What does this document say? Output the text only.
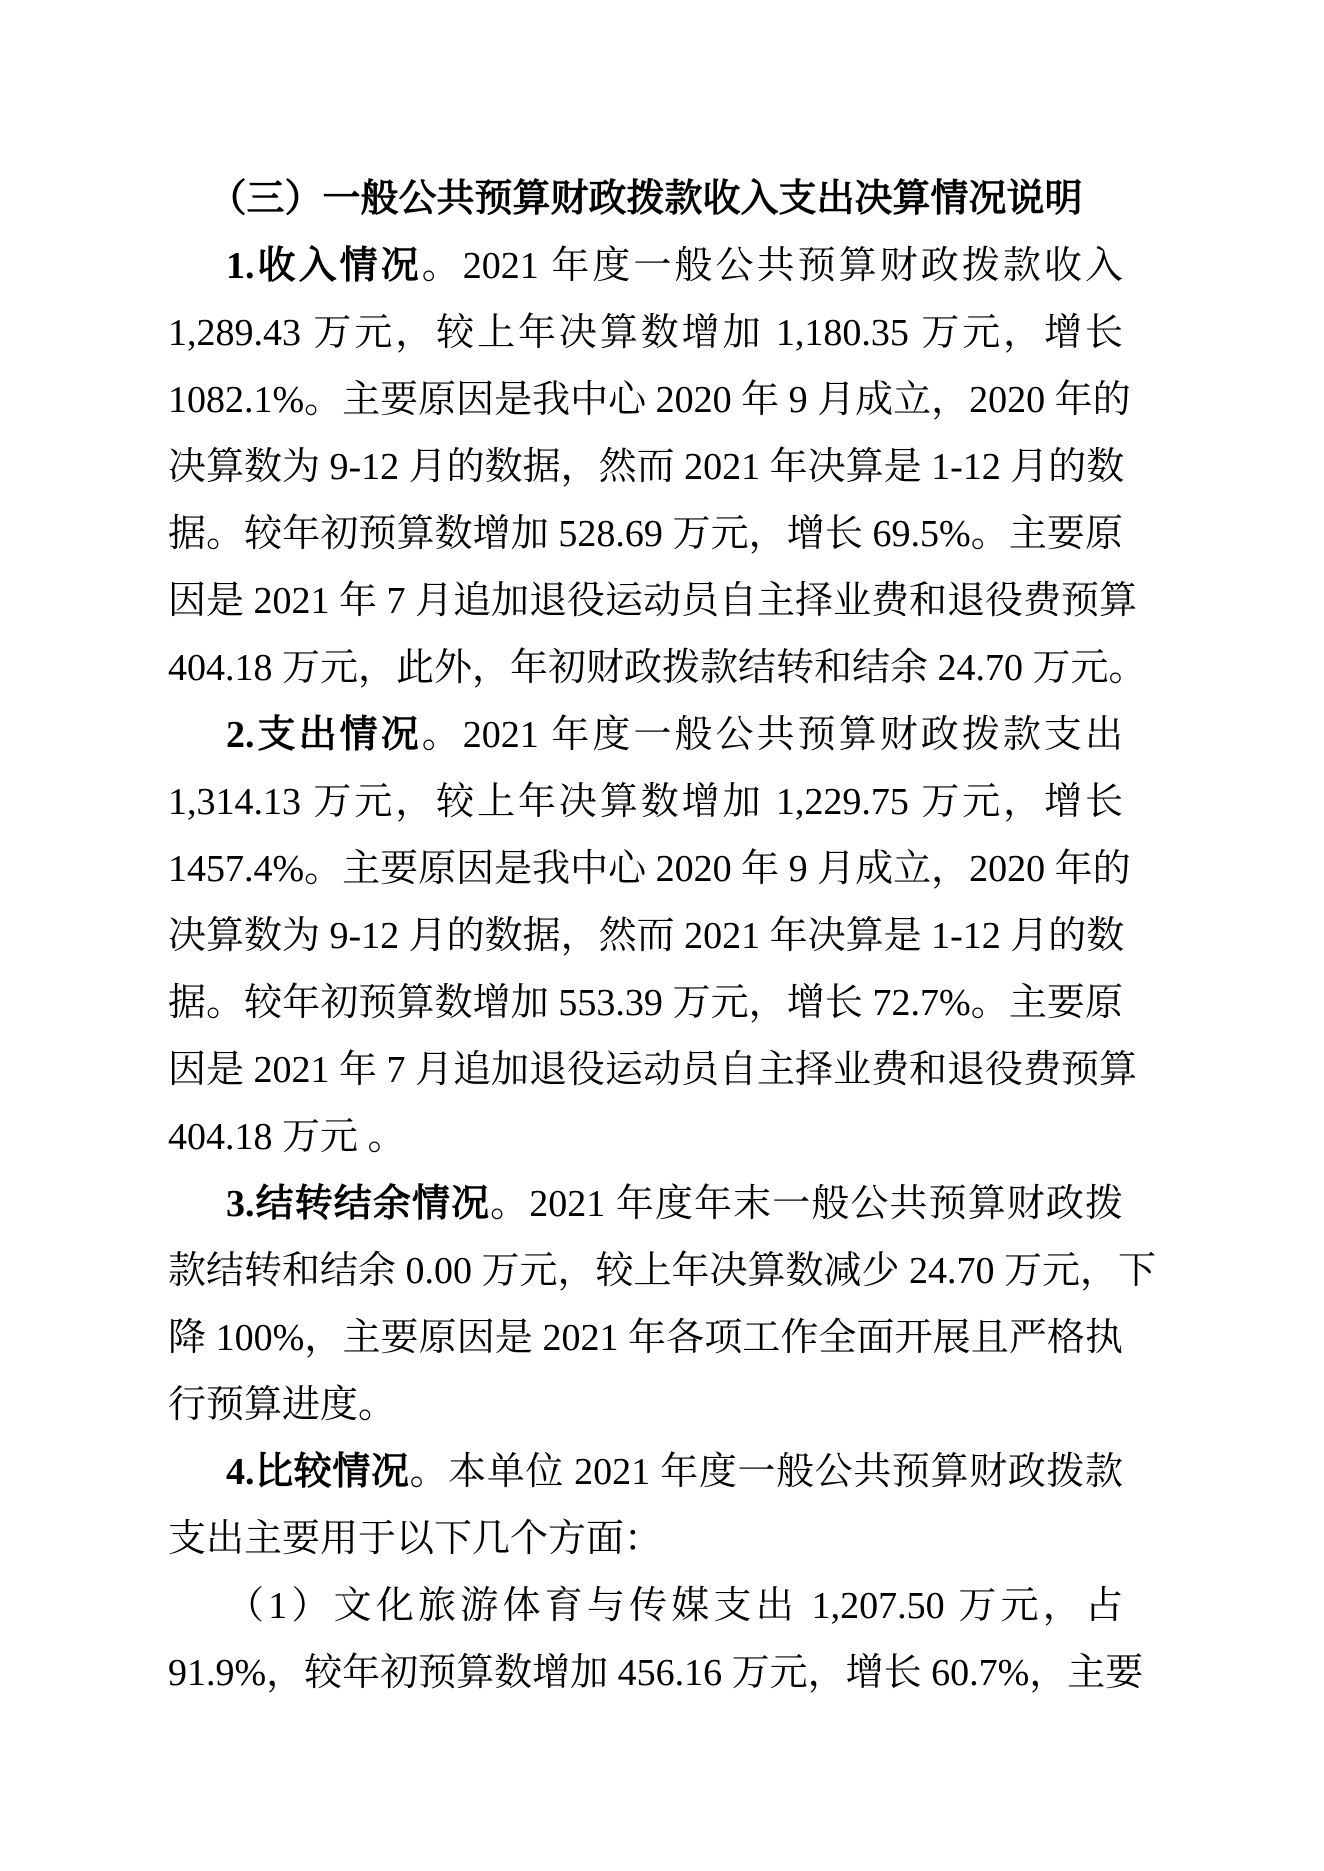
（三）一般公共预算财政拨款收入支出决算情况说明
1.收入情况。2021 年度一般公共预算财政拨款收入
1,289.43 万元，较上年决算数增加 1,180.35 万元，增长
1082.1%。主要原因是我中心 2020 年 9 月成立，2020 年的
决算数为 9-12 月的数据，然而 2021 年决算是 1-12 月的数
据。较年初预算数增加 528.69 万元，增长 69.5%。主要原
因是 2021 年 7 月追加退役运动员自主择业费和退役费预算
404.18 万元，此外，年初财政拨款结转和结余 24.70 万元。
2.支出情况。2021 年度一般公共预算财政拨款支出
1,314.13 万元，较上年决算数增加 1,229.75 万元，增长
1457.4%。主要原因是我中心 2020 年 9 月成立，2020 年的
决算数为 9-12 月的数据，然而 2021 年决算是 1-12 月的数
据。较年初预算数增加 553.39 万元，增长 72.7%。主要原
因是 2021 年 7 月追加退役运动员自主择业费和退役费预算
404.18 万元 。
3.结转结余情况。2021 年度年末一般公共预算财政拨
款结转和结余 0.00 万元，较上年决算数减少 24.70 万元，下
降 100%，主要原因是 2021 年各项工作全面开展且严格执
行预算进度。
4.比较情况。本单位 2021 年度一般公共预算财政拨款
支出主要用于以下几个方面：
（1）文化旅游体育与传媒支出 1,207.50 万元，占
91.9%，较年初预算数增加 456.16 万元，增长 60.7%，主要
